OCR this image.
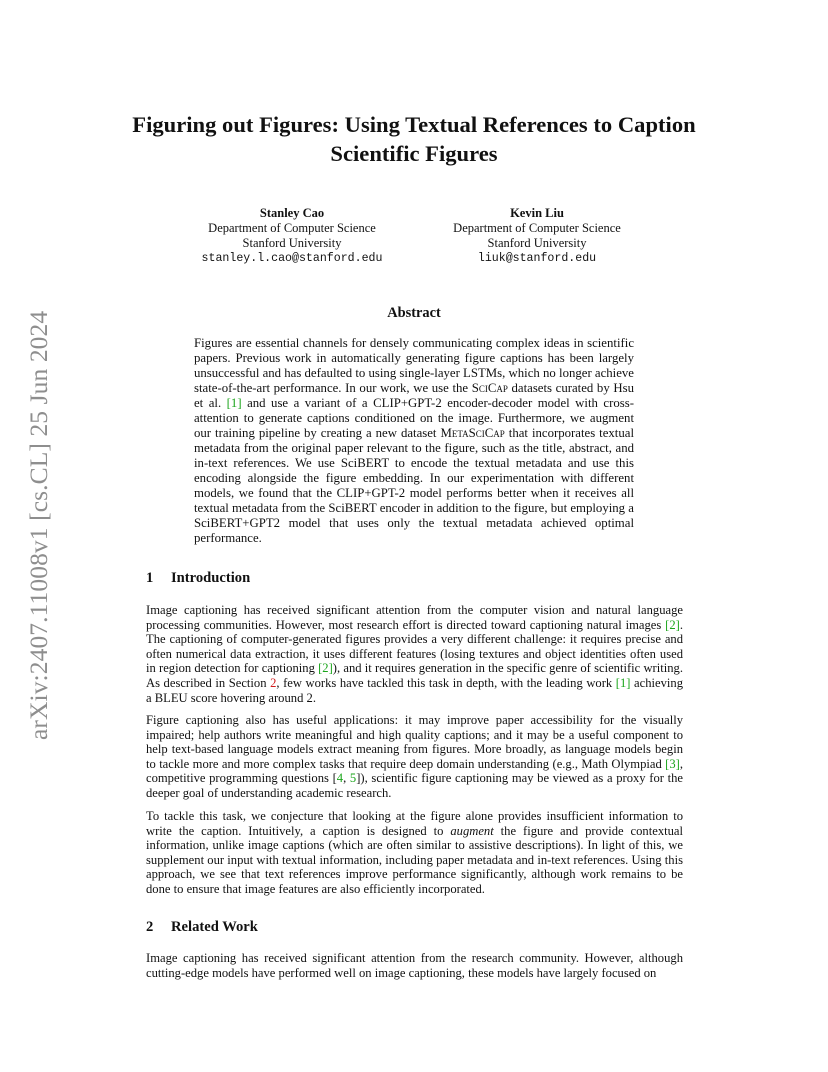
arXiv:2407.11008v1 [cs.CL] 25 Jun 2024
Figuring out Figures: Using Textual References to Caption Scientific Figures
Stanley Cao
Department of Computer Science
Stanford University
stanley.l.cao@stanford.edu
Kevin Liu
Department of Computer Science
Stanford University
liuk@stanford.edu
Abstract

Figures are essential channels for densely communicating complex ideas in scientific papers. Previous work in automatically generating figure captions has been largely unsuccessful and has defaulted to using single-layer LSTMs, which no longer achieve state-of-the-art performance. In our work, we use the SciCap datasets curated by Hsu et al. [1] and use a variant of a CLIP+GPT-2 encoder-decoder model with cross-attention to generate captions conditioned on the image. Furthermore, we augment our training pipeline by creating a new dataset MetaSciCap that incorporates textual metadata from the original paper relevant to the figure, such as the title, abstract, and in-text references. We use SciBERT to encode the textual metadata and use this encoding alongside the figure embedding. In our experimentation with different models, we found that the CLIP+GPT-2 model performs better when it receives all textual metadata from the SciBERT encoder in addition to the figure, but employing a SciBERT+GPT2 model that uses only the textual metadata achieved optimal performance.

1 Introduction

Image captioning has received significant attention from the computer vision and natural language processing communities. However, most research effort is directed toward captioning natural images [2]. The captioning of computer-generated figures provides a very different challenge: it requires precise and often numerical data extraction, it uses different features (losing textures and object identities often used in region detection for captioning [2]), and it requires generation in the specific genre of scientific writing. As described in Section 2, few works have tackled this task in depth, with the leading work [1] achieving a BLEU score hovering around 2.

Figure captioning also has useful applications: it may improve paper accessibility for the visually impaired; help authors write meaningful and high quality captions; and it may be a useful component to help text-based language models extract meaning from figures. More broadly, as language models begin to tackle more and more complex tasks that require deep domain understanding (e.g., Math Olympiad [3], competitive programming questions [4, 5]), scientific figure captioning may be viewed as a proxy for the deeper goal of understanding academic research.

To tackle this task, we conjecture that looking at the figure alone provides insufficient information to write the caption. Intuitively, a caption is designed to augment the figure and provide contextual information, unlike image captions (which are often similar to assistive descriptions). In light of this, we supplement our input with textual information, including paper metadata and in-text references. Using this approach, we see that text references improve performance significantly, although work remains to be done to ensure that image features are also efficiently incorporated.

2 Related Work

Image captioning has received significant attention from the research community. However, although cutting-edge models have performed well on image captioning, these models have largely focused on
